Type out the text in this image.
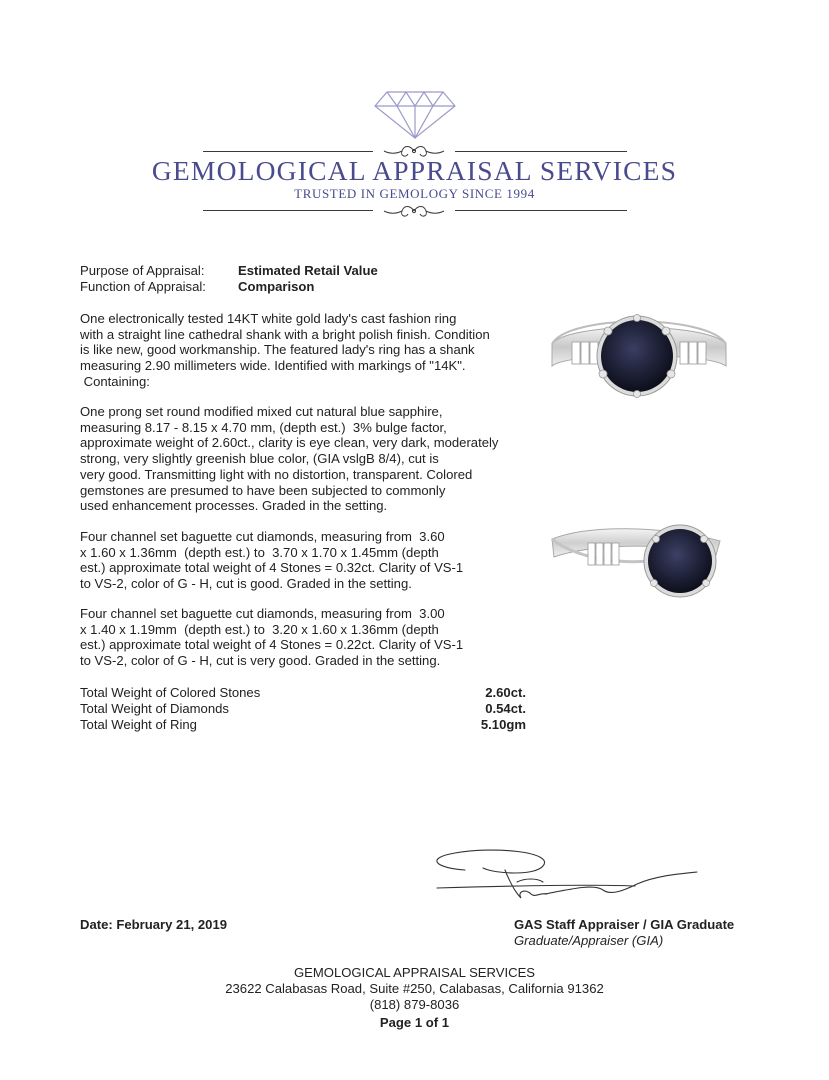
GEMOLOGICAL APPRAISAL SERVICES
TRUSTED IN GEMOLOGY SINCE 1994
Purpose of Appraisal:	Estimated Retail Value
Function of Appraisal: Comparison
One electronically tested 14KT white gold lady's cast fashion ring
with a straight line cathedral shank with a bright polish finish. Condition
is like new, good workmanship. The featured lady's ring has a shank
measuring 2.90 millimeters wide. Identified with markings of "14K".
Containing:
One prong set round modified mixed cut natural blue sapphire,
measuring 8.17 - 8.15 x 4.70 mm, (depth est.)  3% bulge factor,
approximate weight of 2.60ct., clarity is eye clean, very dark, moderately
strong, very slightly greenish blue color, (GIA vslgB 8/4), cut is
very good. Transmitting light with no distortion, transparent. Colored
gemstones are presumed to have been subjected to commonly
used enhancement processes. Graded in the setting.
Four channel set baguette cut diamonds, measuring from  3.60
x 1.60 x 1.36mm  (depth est.) to  3.70 x 1.70 x 1.45mm (depth
est.) approximate total weight of 4 Stones = 0.32ct. Clarity of VS-1
to VS-2, color of G - H, cut is good. Graded in the setting.
Four channel set baguette cut diamonds, measuring from  3.00
x 1.40 x 1.19mm  (depth est.) to  3.20 x 1.60 x 1.36mm (depth
est.) approximate total weight of 4 Stones = 0.22ct. Clarity of VS-1
to VS-2, color of G - H, cut is very good. Graded in the setting.
Total Weight of Colored Stones	2.60ct.
Total Weight of Diamonds	0.54ct.
Total Weight of Ring	5.10gm
Date: February 21, 2019	GAS Staff Appraiser / GIA Graduate
Graduate/Appraiser (GIA)
GEMOLOGICAL APPRAISAL SERVICES
23622 Calabasas Road, Suite #250, Calabasas, California 91362
(818) 879-8036
Page 1 of 1
